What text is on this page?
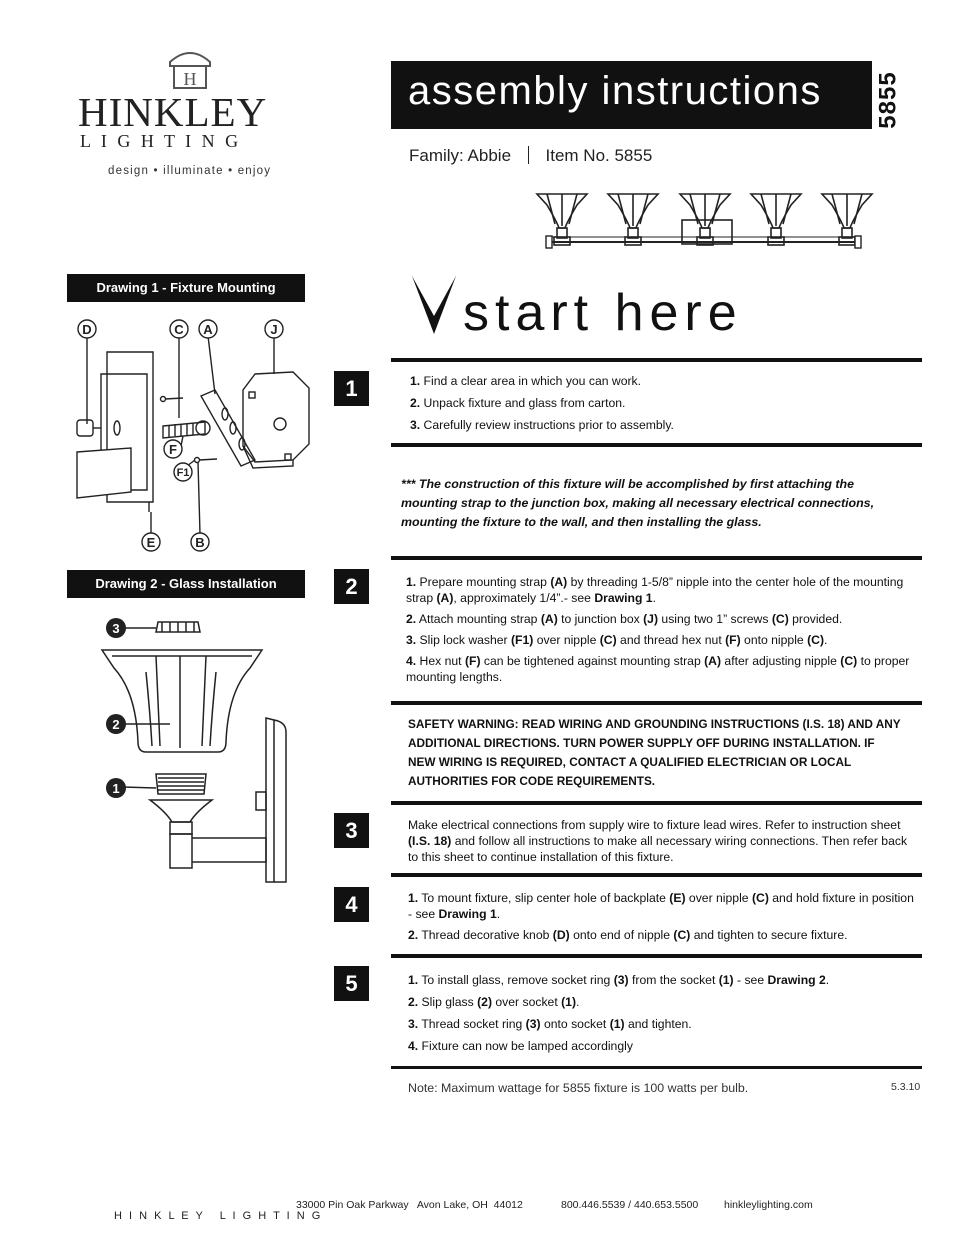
H
HINKLEY
L I G H T I N G
design • illuminate • enjoy
assembly instructions 5855
Family: Abbie Item No. 5855
start here
Drawing 1 - Fixture Mounting
D	C A	J
F
F1
E	B
Drawing 2 - Glass Installation
3
2
1
1	1. Find a clear area in which you can work.

2. Unpack fixture and glass from carton.

3. Carefully review instructions prior to assembly.

*** The construction of this fixture will be accomplished by first attaching the mounting strap to the junction box, making all necessary electrical connections, mounting the fixture to the wall, and then installing the glass.
2	1. Prepare mounting strap (A) by threading 1-5/8” nipple into the center hole of the mounting strap (A), approximately 1/4”.- see Drawing 1.
2. Attach mounting strap (A) to junction box (J) using two 1” screws (C) provided.
3. Slip lock washer (F1) over nipple (C) and thread hex nut (F) onto nipple (C).
4. Hex nut (F) can be tightened against mounting strap (A) after adjusting nipple (C) to proper mounting lengths.
SAFETY WARNING: READ WIRING AND GROUNDING INSTRUCTIONS (I.S. 18) AND ANY ADDITIONAL DIRECTIONS. TURN POWER SUPPLY OFF DURING INSTALLATION. IF NEW WIRING IS REQUIRED, CONTACT A QUALIFIED ELECTRICIAN OR LOCAL AUTHORITIES FOR CODE REQUIREMENTS.
3	Make electrical connections from supply wire to fixture lead wires. Refer to instruction sheet (I.S. 18) and follow all instructions to make all necessary wiring connections. Then refer back to this sheet to continue installation of this fixture.
4	1. To mount fixture, slip center hole of backplate (E) over nipple (C) and hold fixture in position - see Drawing 1.
2. Thread decorative knob (D) onto end of nipple (C) and tighten to secure fixture.
5	1. To install glass, remove socket ring (3) from the socket (1) - see Drawing 2.
2. Slip glass (2) over socket (1).
3. Thread socket ring (3) onto socket (1) and tighten.
4. Fixture can now be lamped accordingly
Note: Maximum wattage for 5855 fixture is 100 watts per bulb.	5.3.10

H I N K L E Y   L I G H T I N G

33000 Pin Oak Parkway   Avon Lake, OH  44012	800.446.5539 / 440.653.5500 hinkleylighting.com
